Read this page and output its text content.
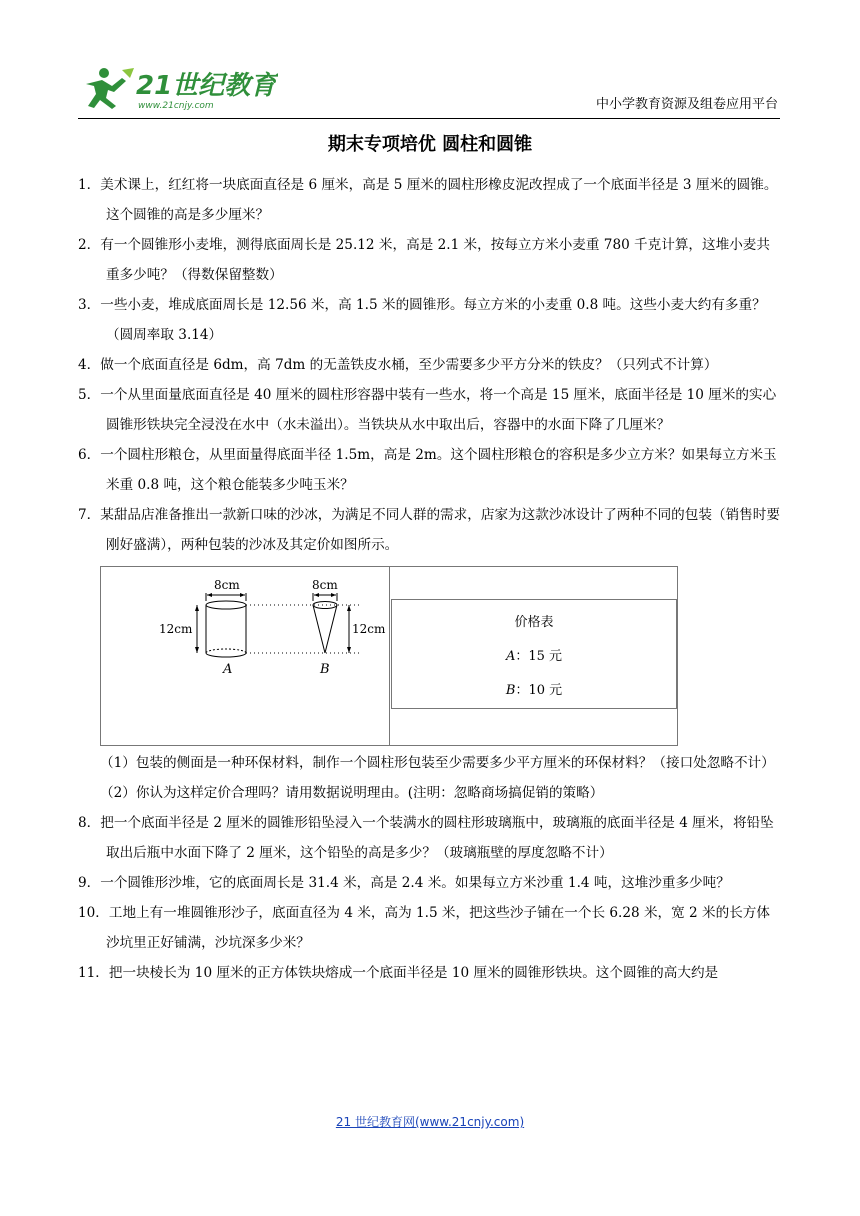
21世纪教育
www.21cnjy.com	中小学教育资源及组卷应用平台
期末专项培优 圆柱和圆锥

1．美术课上，红红将一块底面直径是 6 厘米，高是 5 厘米的圆柱形橡皮泥改捏成了一个底面半径是 3 厘米的圆锥。这个圆锥的高是多少厘米？

2．有一个圆锥形小麦堆，测得底面周长是 25.12 米，高是 2.1 米，按每立方米小麦重 780 千克计算，这堆小麦共重多少吨？（得数保留整数）

3．一些小麦，堆成底面周长是 12.56 米，高 1.5 米的圆锥形。每立方米的小麦重 0.8 吨。这些小麦大约有多重？（圆周率取 3.14）

4．做一个底面直径是 6dm，高 7dm 的无盖铁皮水桶，至少需要多少平方分米的铁皮？（只列式不计算）

5．一个从里面量底面直径是 40 厘米的圆柱形容器中装有一些水，将一个高是 15 厘米，底面半径是 10 厘米的实心圆锥形铁块完全浸没在水中（水未溢出）。当铁块从水中取出后，容器中的水面下降了几厘米？

6．一个圆柱形粮仓，从里面量得底面半径 1.5m，高是 2m。这个圆柱形粮仓的容积是多少立方米？如果每立方米玉米重 0.8 吨，这个粮仓能装多少吨玉米？

7．某甜品店准备推出一款新口味的沙冰，为满足不同人群的需求，店家为这款沙冰设计了两种不同的包装（销售时要刚好盛满），两种包装的沙冰及其定价如图所示。

8cm
12cm
A
8cm
12cm
B
价格表
A：15 元
B：10 元

（1）包装的侧面是一种环保材料，制作一个圆柱形包装至少需要多少平方厘米的环保材料？（接口处忽略不计）

（2）你认为这样定价合理吗？请用数据说明理由。(注明：忽略商场搞促销的策略）

8．把一个底面半径是 2 厘米的圆锥形铅坠浸入一个装满水的圆柱形玻璃瓶中，玻璃瓶的底面半径是 4 厘米，将铅坠取出后瓶中水面下降了 2 厘米，这个铅坠的高是多少？（玻璃瓶壁的厚度忽略不计）

9．一个圆锥形沙堆，它的底面周长是 31.4 米，高是 2.4 米。如果每立方米沙重 1.4 吨，这堆沙重多少吨？

10．工地上有一堆圆锥形沙子，底面直径为 4 米，高为 1.5 米，把这些沙子铺在一个长 6.28 米，宽 2 米的长方体沙坑里正好铺满，沙坑深多少米？

11．把一块棱长为 10 厘米的正方体铁块熔成一个底面半径是 10 厘米的圆锥形铁块。这个圆锥的高大约是

21 世纪教育网(www.21cnjy.com)
